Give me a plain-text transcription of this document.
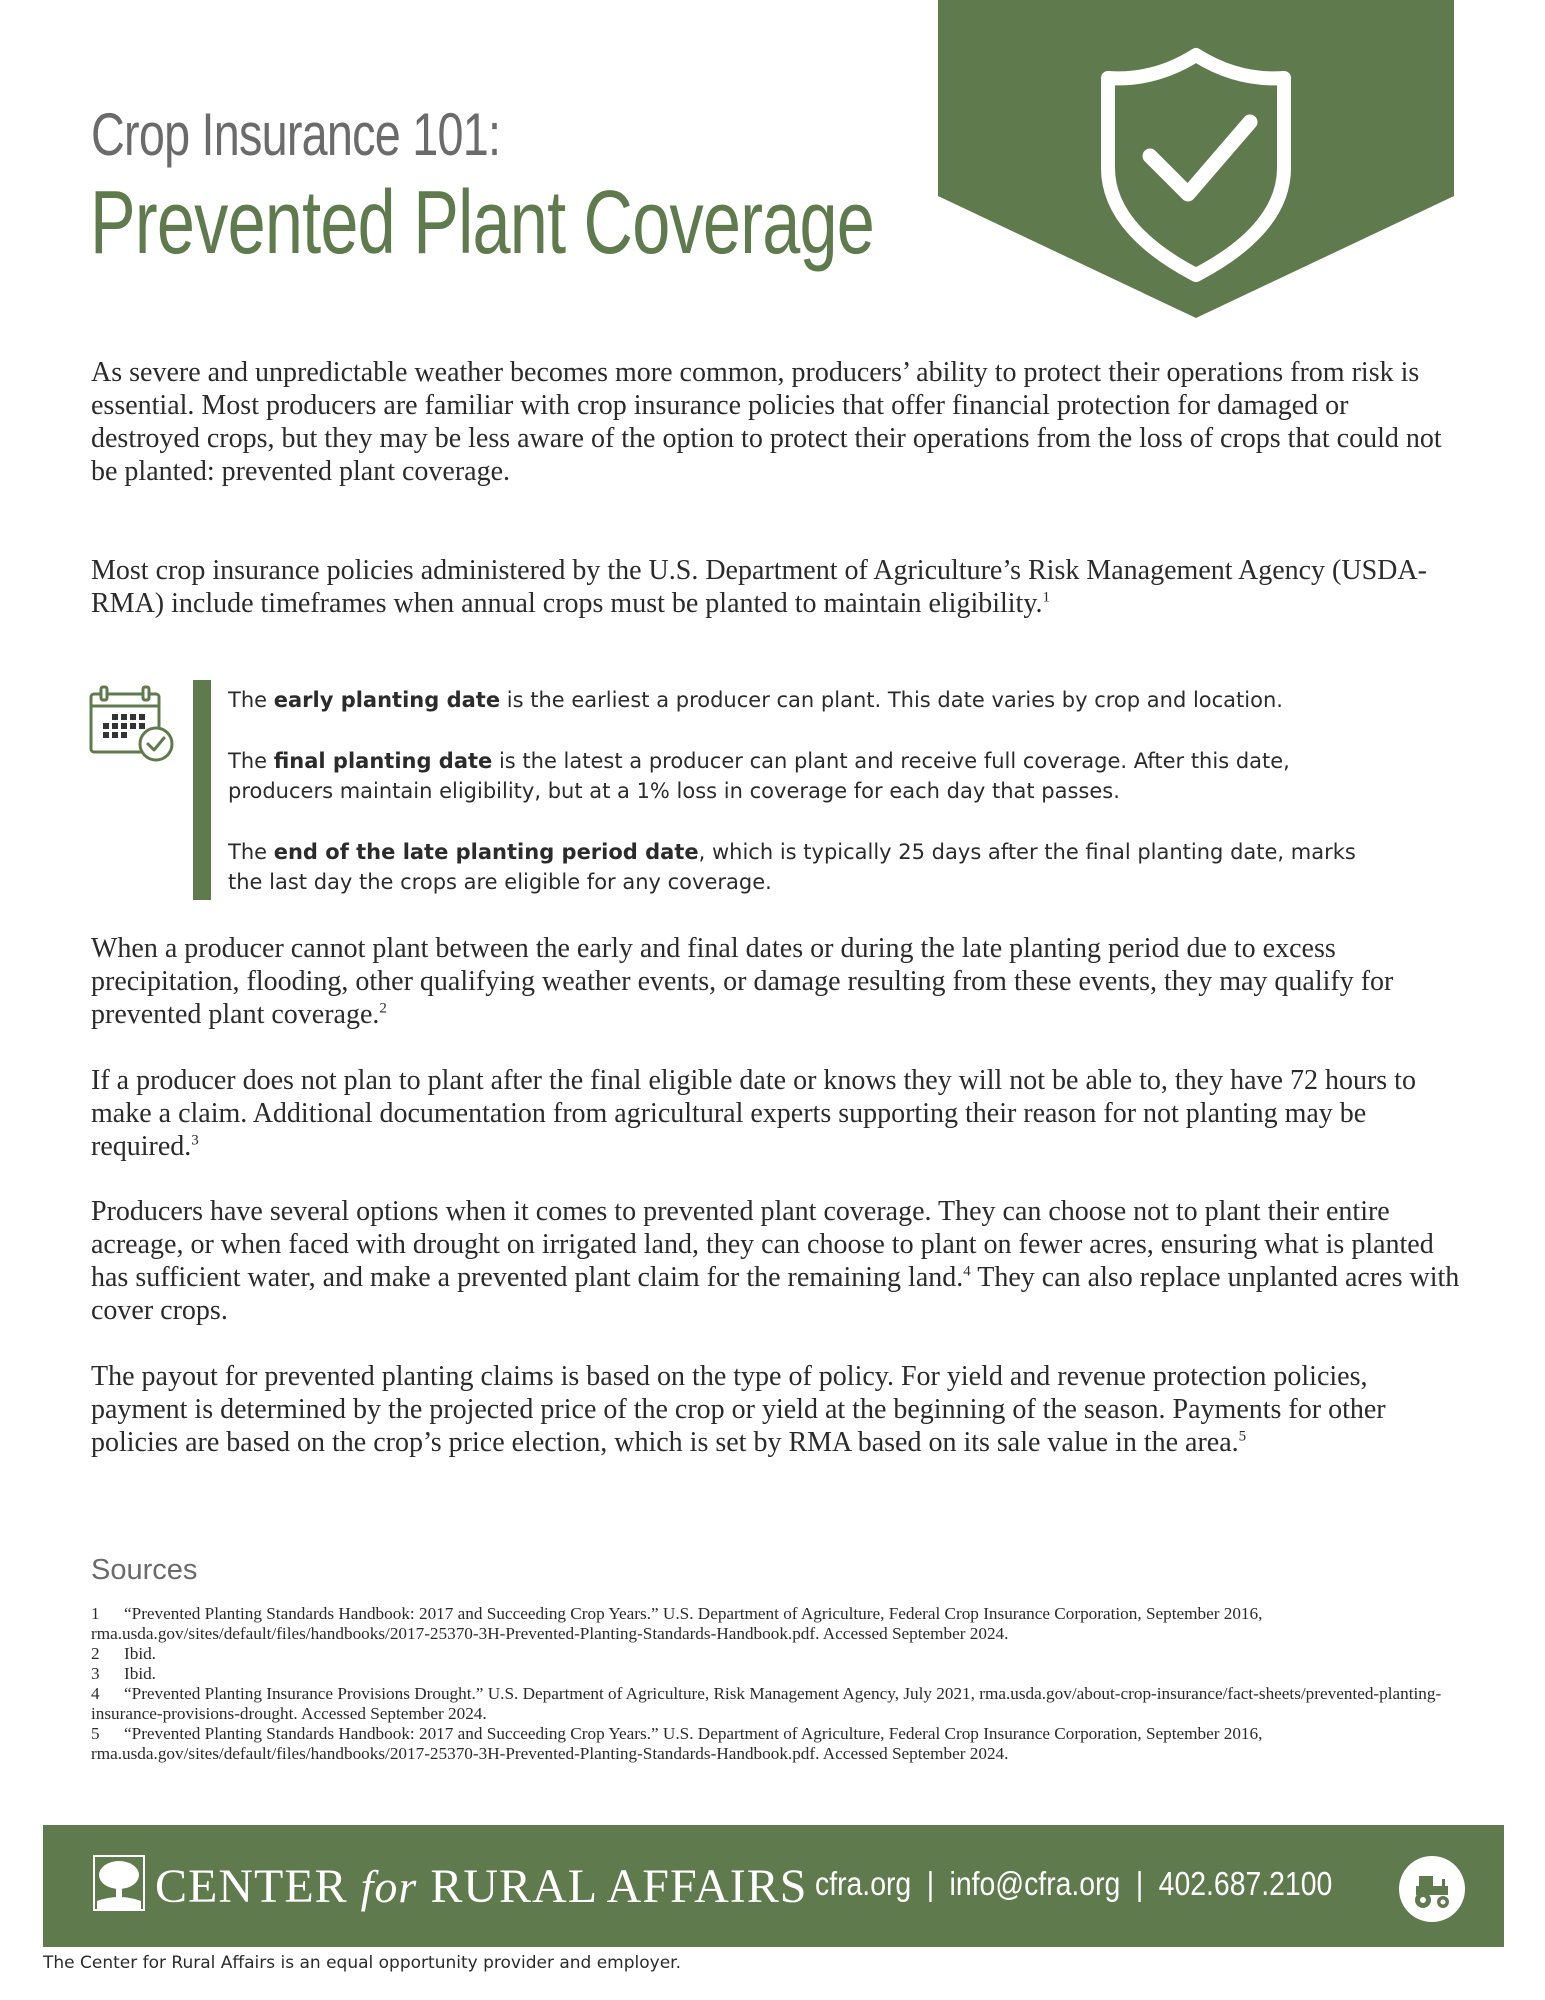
Crop Insurance 101:
Prevented Plant Coverage

As severe and unpredictable weather becomes more common, producers’ ability to protect their operations from risk is essential. Most producers are familiar with crop insurance policies that offer financial protection for damaged or destroyed crops, but they may be less aware of the option to protect their operations from the loss of crops that could not be planted: prevented plant coverage.

Most crop insurance policies administered by the U.S. Department of Agriculture’s Risk Management Agency (USDA-RMA) include timeframes when annual crops must be planted to maintain eligibility.$^1$

The early planting date is the earliest a producer can plant. This date varies by crop and location.

The final planting date is the latest a producer can plant and receive full coverage. After this date, producers maintain eligibility, but at a 1% loss in coverage for each day that passes.

The end of the late planting period date, which is typically 25 days after the final planting date, marks the last day the crops are eligible for any coverage.

When a producer cannot plant between the early and final dates or during the late planting period due to excess precipitation, flooding, other qualifying weather events, or damage resulting from these events, they may qualify for prevented plant coverage.$^2$

If a producer does not plan to plant after the final eligible date or knows they will not be able to, they have 72 hours to make a claim. Additional documentation from agricultural experts supporting their reason for not planting may be required.$^3$

Producers have several options when it comes to prevented plant coverage. They can choose not to plant their entire acreage, or when faced with drought on irrigated land, they can choose to plant on fewer acres, ensuring what is planted has sufficient water, and make a prevented plant claim for the remaining land.$^4$ They can also replace unplanted acres with cover crops.

The payout for prevented planting claims is based on the type of policy. For yield and revenue protection policies, payment is determined by the projected price of the crop or yield at the beginning of the season. Payments for other policies are based on the crop’s price election, which is set by RMA based on its sale value in the area.$^5$

Sources
1 “Prevented Planting Standards Handbook: 2017 and Succeeding Crop Years.” U.S. Department of Agriculture, Federal Crop Insurance Corporation, September 2016, rma.usda.gov/sites/default/files/handbooks/2017-25370-3H-Prevented-Planting-Standards-Handbook.pdf. Accessed September 2024.
2 Ibid.
3 Ibid.
4 “Prevented Planting Insurance Provisions Drought.” U.S. Department of Agriculture, Risk Management Agency, July 2021, rma.usda.gov/about-crop-insurance/fact-sheets/prevented-planting-insurance-provisions-drought. Accessed September 2024.
5 “Prevented Planting Standards Handbook: 2017 and Succeeding Crop Years.” U.S. Department of Agriculture, Federal Crop Insurance Corporation, September 2016, rma.usda.gov/sites/default/files/handbooks/2017-25370-3H-Prevented-Planting-Standards-Handbook.pdf. Accessed September 2024.
CENTER for RURAL AFFAIRS cfra.org | info@cfra.org | 402.687.2100
The Center for Rural Affairs is an equal opportunity provider and employer.
